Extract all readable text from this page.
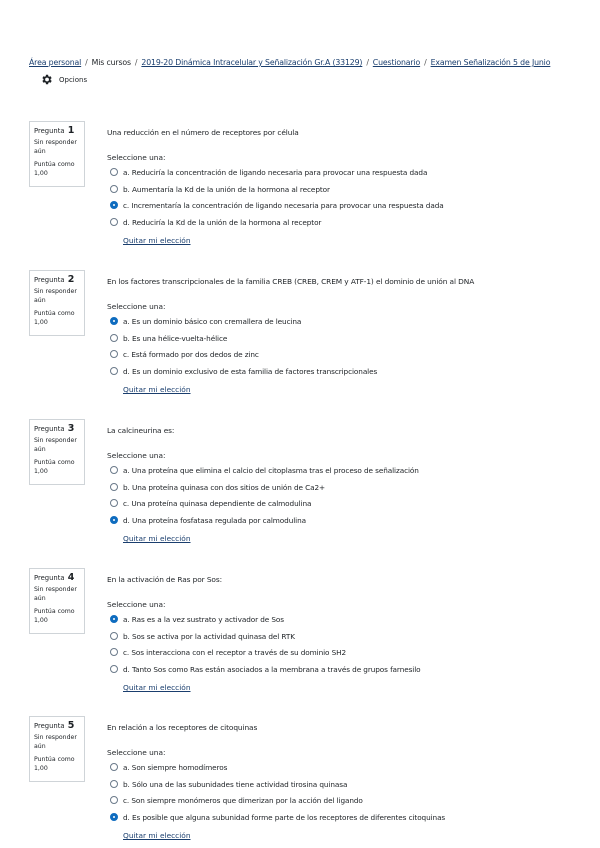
Área personal / Mis cursos / 2019-20 Dinámica Intracelular y Señalización Gr.A (33129) / Cuestionario / Examen Señalización 5 de Junio
Opcions
Pregunta 1
Sin responder aún
Puntúa como 1,00
Una reducción en el número de receptores por célula
Seleccione una:
a. Reduciría la concentración de ligando necesaria para provocar una respuesta dada
b. Aumentaría la Kd de la unión de la hormona al receptor
c. Incrementaría la concentración de ligando necesaria para provocar una respuesta dada
d. Reduciría la Kd de la unión de la hormona al receptor
Quitar mi elección
Pregunta 2
Sin responder aún
Puntúa como 1,00
En los factores transcripcionales de la familia CREB (CREB, CREM y ATF-1) el dominio de unión al DNA
Seleccione una:
a. Es un dominio básico con cremallera de leucina
b. Es una hélice-vuelta-hélice
c. Está formado por dos dedos de zinc
d. Es un dominio exclusivo de esta familia de factores transcripcionales
Quitar mi elección
Pregunta 3
Sin responder aún
Puntúa como 1,00
La calcineurina es:
Seleccione una:
a. Una proteína que elimina el calcio del citoplasma tras el proceso de señalización
b. Una proteína quinasa con dos sitios de unión de Ca2+
c. Una proteína quinasa dependiente de calmodulina
d. Una proteína fosfatasa regulada por calmodulina
Quitar mi elección
Pregunta 4
Sin responder aún
Puntúa como 1,00
En la activación de Ras por Sos:
Seleccione una:
a. Ras es a la vez sustrato y activador de Sos
b. Sos se activa por la actividad quinasa del RTK
c. Sos interacciona con el receptor a través de su dominio SH2
d. Tanto Sos como Ras están asociados a la membrana a través de grupos farnesilo
Quitar mi elección
Pregunta 5
Sin responder aún
Puntúa como 1,00
En relación a los receptores de citoquinas
Seleccione una:
a. Son siempre homodímeros
b. Sólo una de las subunidades tiene actividad tirosina quinasa
c. Son siempre monómeros que dimerizan por la acción del ligando
d. Es posible que alguna subunidad forme parte de los receptores de diferentes citoquinas
Quitar mi elección
